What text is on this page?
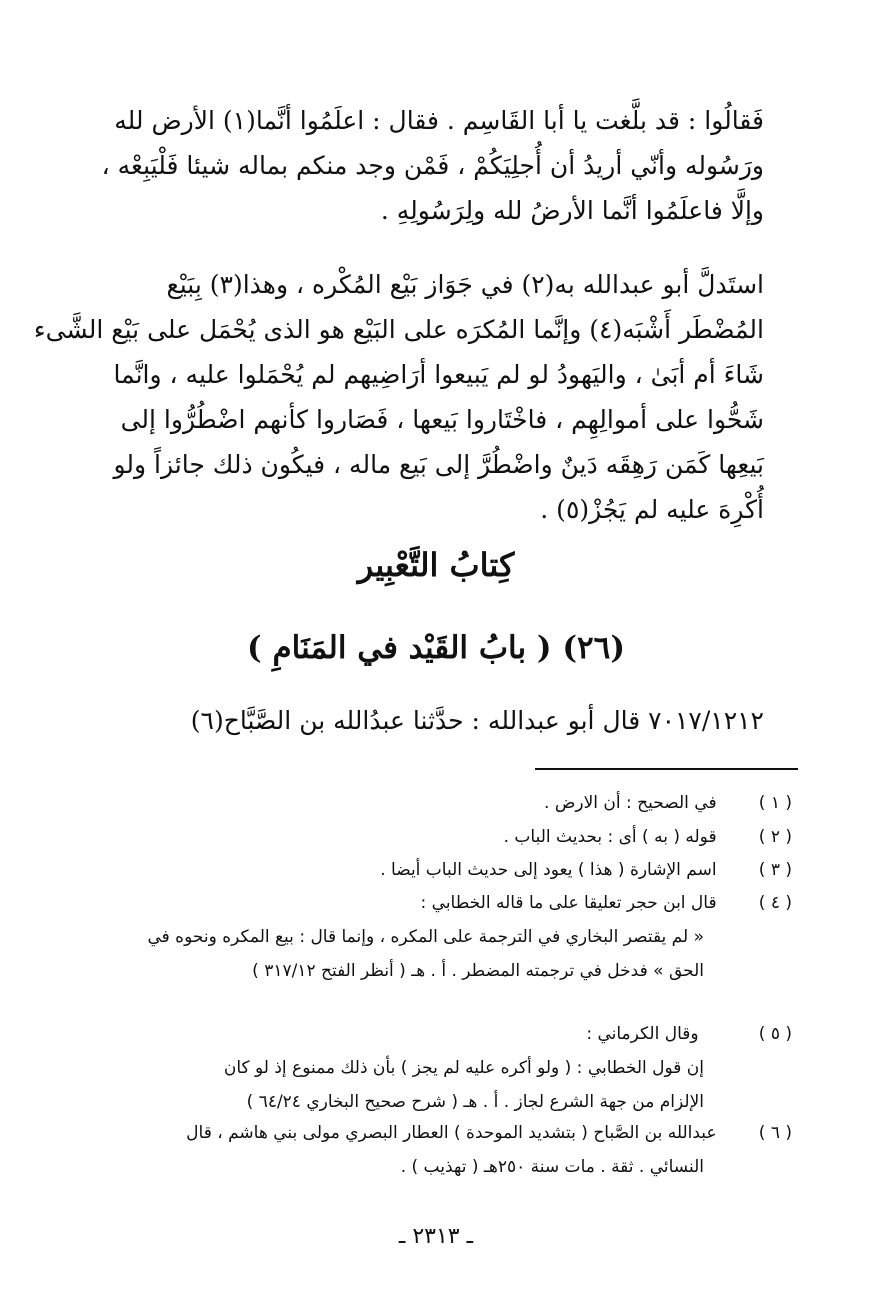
فَقالُوا : قد بلَّغت يا أبا القَاسِم . فقال : اعلَمُوا أنَّما(١) الأرض لله
ورَسُوله وأنّي أريدُ أن أُجلِيَكُمْ ، فَمْن وجد منكم بماله شيئا فَلْيَبِعْه ،
وإلَّا فاعلَمُوا أنَّما الأرضُ لله ولِرَسُولِهِ .

استَدلَّ أبو عبدالله به(٢) في جَوَاز بَيْع المُكْره ، وهذا(٣) بِبَيْع
المُضْطَر أَشْبَه(٤) وإنَّما المُكرَه على البَيْع هو الذى يُحْمَل على بَيْع الشَّىء
شَاءَ أم أبَىٰ ، واليَهودُ لو لم يَبيعوا أرَاضِيهم لم يُحْمَلوا عليه ، وانَّما
شَحُّوا على أموالِهِم ، فاخْتَاروا بَيعها ، فَصَاروا كأنهم اضْطُرُّوا إلى
بَيعِها كَمَن رَهِقَه دَينٌ واضْطُرَّ إلى بَيع ماله ، فيكُون ذلك جائزاً ولو
أُكْرِهَ عليه لم يَجُزْ(٥) .

كِتابُ التَّعْبِير
(٢٦) ( بابُ القَيْد في المَنَامِ )

٧٠١٧/١٢١٢ قال أبو عبدالله : حدَّثنا عبدُالله بن الصَّبَّاح(٦)

( ١ ) في الصحيح : أن الارض .
( ٢ ) قوله ( به ) أى : بحديث الباب .
( ٣ ) اسم الإشارة ( هذا ) يعود إلى حديث الباب أيضا .
( ٤ ) قال ابن حجر تعليقا على ما قاله الخطابي :
« لم يقتصر البخاري في الترجمة على المكره ، وإنما قال : بيع المكره ونحوه في
الحق » فدخل في ترجمته المضطر . أ . هـ ( أنظر الفتح ٣١٧/١٢ )
( ٥ ) وقال الكرماني :
إن قول الخطابي : ( ولو أكره عليه لم يجز ) بأن ذلك ممنوع إذ لو كان
الإلزام من جهة الشرع لجاز . أ . هـ ( شرح صحيح البخاري ٦٤/٢٤ )
( ٦ ) عبدالله بن الصَّباح ( بتشديد الموحدة ) العطار البصري مولى بني هاشم ، قال
النسائي . ثقة . مات سنة ٢٥٠هـ ( تهذيب ) .

ـ ٢٣١٣ ـ
